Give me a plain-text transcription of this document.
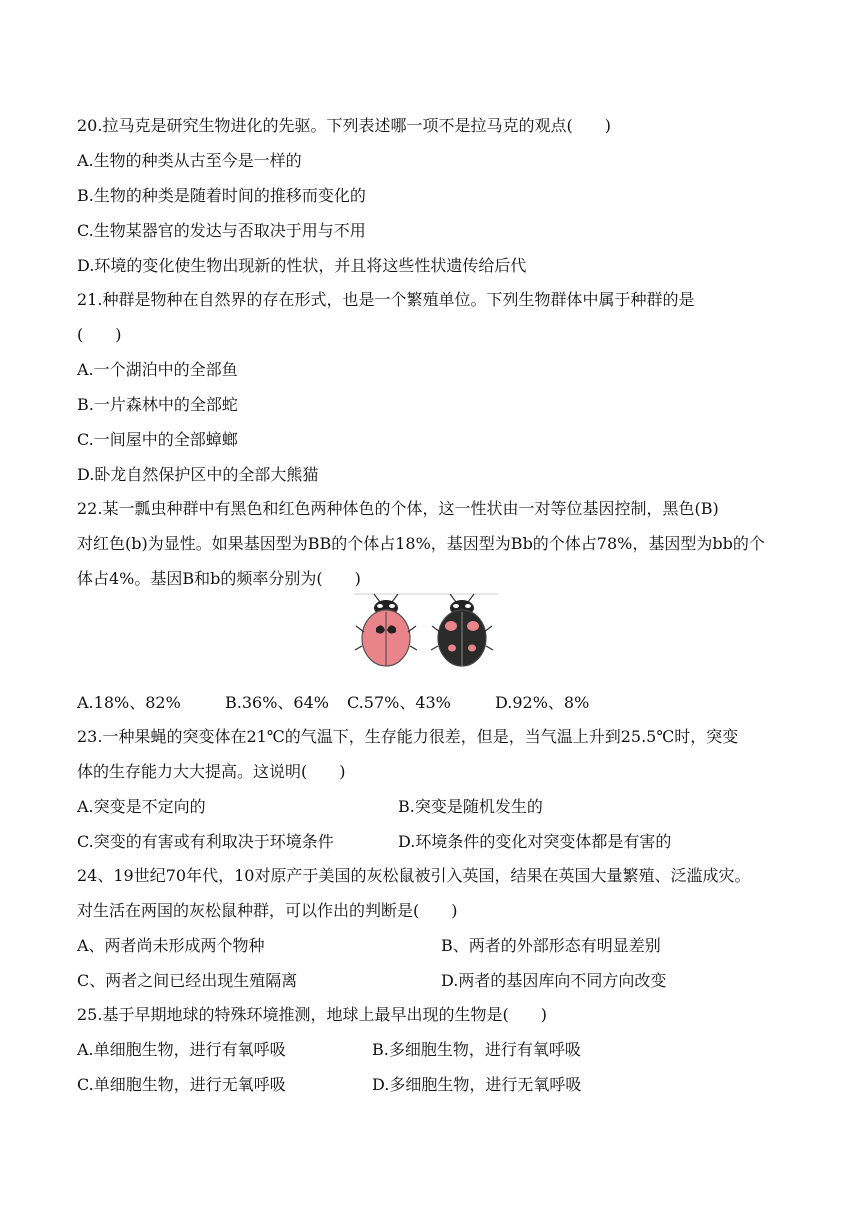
20.拉马克是研究生物进化的先驱。下列表述哪一项不是拉马克的观点(　　)
A.生物的种类从古至今是一样的
B.生物的种类是随着时间的推移而变化的
C.生物某器官的发达与否取决于用与不用
D.环境的变化使生物出现新的性状，并且将这些性状遗传给后代
21.种群是物种在自然界的存在形式，也是一个繁殖单位。下列生物群体中属于种群的是
(　　)
A.一个湖泊中的全部鱼
B.一片森林中的全部蛇
C.一间屋中的全部蟑螂
D.卧龙自然保护区中的全部大熊猫
22.某一瓢虫种群中有黑色和红色两种体色的个体，这一性状由一对等位基因控制，黑色(B)
对红色(b)为显性。如果基因型为BB的个体占18%，基因型为Bb的个体占78%，基因型为bb的个
体占4%。基因B和b的频率分别为(　　)
A.18%、82%	B.36%、64% C.57%、43%	D.92%、8%
23.一种果蝇的突变体在21℃的气温下，生存能力很差，但是，当气温上升到25.5℃时，突变
体的生存能力大大提高。这说明(　　)
A.突变是不定向的	B.突变是随机发生的
C.突变的有害或有利取决于环境条件	D.环境条件的变化对突变体都是有害的
24、19世纪70年代，10对原产于美国的灰松鼠被引入英国，结果在英国大量繁殖、泛滥成灾。
对生活在两国的灰松鼠种群，可以作出的判断是(　　)
A、两者尚未形成两个物种	B、两者的外部形态有明显差别
C、两者之间已经出现生殖隔离	D.两者的基因库向不同方向改变
25.基于早期地球的特殊环境推测，地球上最早出现的生物是(　　)
A.单细胞生物，进行有氧呼吸	B.多细胞生物，进行有氧呼吸
C.单细胞生物，进行无氧呼吸	D.多细胞生物，进行无氧呼吸
